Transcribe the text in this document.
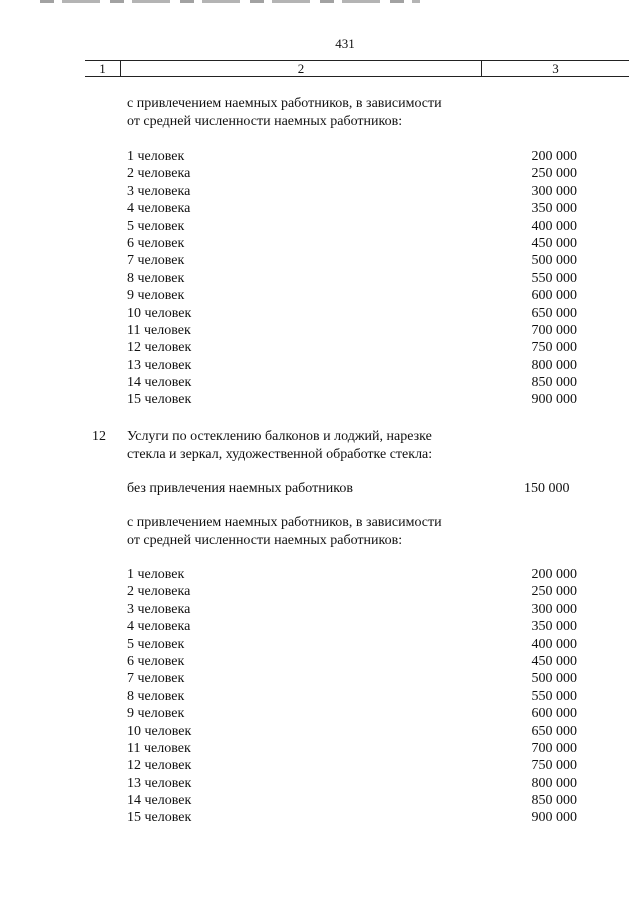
431
1	2	3
с привлечением наемных работников, в зависимости
от средней численности наемных работников:
1 человек	200 000
2 человека	250 000
3 человека	300 000
4 человека	350 000
5 человек	400 000
6 человек	450 000
7 человек	500 000
8 человек	550 000
9 человек	600 000
10 человек	650 000
11 человек	700 000
12 человек	750 000
13 человек	800 000
14 человек	850 000
15 человек	900 000
12 Услуги по остеклению балконов и лоджий, нарезке
стекла и зеркал, художественной обработке стекла:
без привлечения наемных работников	150 000
с привлечением наемных работников, в зависимости
от средней численности наемных работников:
1 человек	200 000
2 человека	250 000
3 человека	300 000
4 человека	350 000
5 человек	400 000
6 человек	450 000
7 человек	500 000
8 человек	550 000
9 человек	600 000
10 человек	650 000
11 человек	700 000
12 человек	750 000
13 человек	800 000
14 человек	850 000
15 человек	900 000
